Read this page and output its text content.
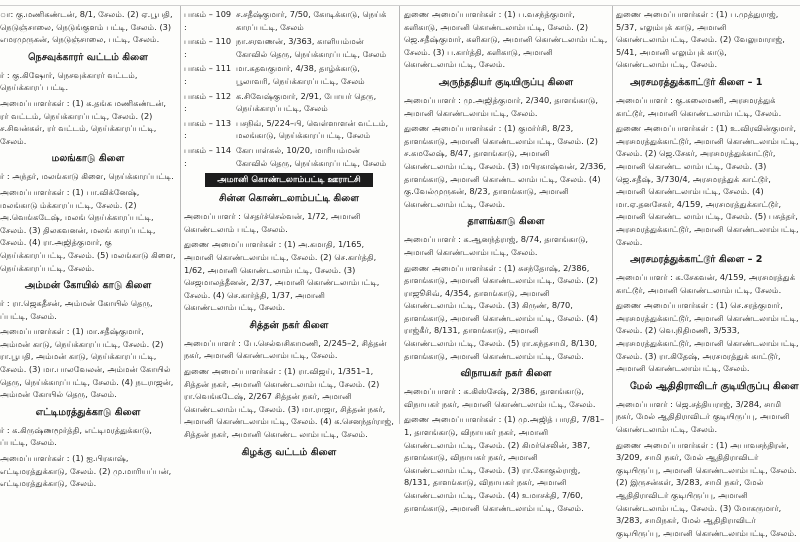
ா: கு.மணிகண்டன், 8/1, சேலம். (2) ஏ.பூபதி, நெடுஞ்சாலை, நெடுங்குளம் பட்டி, சேலம். (3) எமரமுருகன், நெடுஞ்சாலை, பட்டி, சேலம்.
நெசவுக்காரர் வட்டம் கிளை
ர் : கு.கிஷோர், நெசவுக்காரர் வட்டம், நெய்க்காரப் பட்டி.
அமைப்பாளர்கள் : (1) க.தங்க மணிகண்டன், ரர் வட்டம், நெய்க்காரப்பட்டி, சேலம். (2) ச.சிவன்கள், ரர் வட்டம், நெய்க்காரப்பட்டி, சேலம்.
மலங்காடு கிளை
ர் : அந்தர், மலங்காடு கிளை, நெய்க்காரப்பட்டி.
அமைப்பாளர்கள் : (1) பா.விக்னேஷ், மலங்காடு ம்க்காரப்பட்டி, சேலம். (2) அ.வெங்கடேஷ், மலங் நெய்க்காரப்பட்டி, சேலம். (3) திலகவனன், மலங் காரப்பட்டி, சேலம். (4) ரா.அஜித்குமார், கு நெய்க்காரப்பட்டி, சேலம். (5) மலங்காடு கிளை, நெய்க்காரப்பட்டி, சேலம்.
அம்மன் கோயில் காடு கிளை
ர் : ரா.ஜெகதீசன், அம்மன் கோயில் தெரு, ப்பட்டி, சேலம்.
அமைப்பாளர்கள் : (1) மா.சதீஷ்குமார், அம்மன் காடு, நெய்க்காரப்பட்டி, சேலம். (2) ரா.பூபதி, அம்மன் காடு, நெய்க்காரப்பட்டி, சேலம். (3) மா.பாலவேலன், அம்மன் கோயில் தெரு, நெய்க்காரப்பட்டி, சேலம். (4) நடராஜன், அம்மன் கோயில் தெரு, சேலம்.
எட்டிமரத்துக்காடு கிளை
ர் : க.கிருஷ்ணமூர்த்தி, எட்டிமரத்துக்காடு, ப்பட்டி, சேலம்.
அமைப்பாளர்கள் : (1) ஐ.பிரகாஷ், எட்டிமரத்துக்காடு, சேலம். (2) மு.மாரியப்பன், எட்டிமரத்துக்காடு, சேலம்.
பாகம் – 109 :
ச.சதீஷ்குமார், 7/50, கோடிக்காடு, நெய்க் காரப்பட்டி, சேலம்
பாகம் – 110 :
நா.சரவணன், 3/363, காளியம்மன் கோவில் தெரு, நெய்க்காரப்பட்டி, சேலம்
பாகம் – 111 :
மா.கதவகுமார், 4/38, தாழ்க்காடு, பூலாவரி, நெய்க்காரப்பட்டி, சேலம்
பாகம் – 112 :
க.சிவேஷ்குமார், 2/91, போயர் தெரு, நெய்க்காரப்பட்டி, சேலம்
பாகம் – 113 :
பசநிவ், 5/224–பி, வெள்ளாளன் வட்டம், மலங்காடு, நெய்க்காரப்பட்டி, சேலம்
பாகம் – 114 :
கோபாள்கல், 10/20, மாரியம்மன் கோவில் தெரு, நெய்க்காரப்பட்டி, சேலம்
அமானி கொண்டலாம்பட்டி ஊராட்சி
சின்ன கொண்டலாம்பட்டி கிளை
அமைப்பாளர் : செதர்ச்செல்வன், 1/72, அமானி கொண்டலாம் பட்டி, சேலம்.
துணை அமைப்பாளர்கள் : (1) அ.கமாதி, 1/165, அமானி கொண்டலாம்பட்டி, சேலம். (2) செ.கார்த்தி, 1/62, அமானி கொண்டலாம்பட்டி, சேலம். (3) செஜமாலத்தீனன், 2/37, அமானி கொண்டலாம்பட்டி, சேலம். (4) செ.கார்த்தி, 1/37, அமானி கொண்டலாம்பட்டி, சேலம்.
சித்தன் நகர் கிளை
அமைப்பாளர் : பே.செல்வசிகாமணி, 2/245–2, சித்தன் நகர், அமானி கொண்டலாம்பட்டி, சேலம்.
துணை அமைப்பாளர்கள் : (1) ரா.விஜய், 1/351–1, சித்தன் நகர், அமானி கொண்டலாம்பட்டி, சேலம். (2) ரா.வெங்கடேஷ், 2/267 சித்தன் நகர், அமானி கொண்டலாம்பட்டி, சேலம். (3) மா.ராஜா, சித்தன் நகர், அமானி கொண்டலாம்பட்டி, சேலம். (4) க.செனந்தர்ராஜ், சித்தன் நகர், அமானி கொண்ட லாம்பட்டி, சேலம்.
கிழக்கு வட்டம் கிளை
துணை அமைப்பாளர்கள் : (1) ப.வசந்த்குமார், களிகாடு, அமானி கொண்டலாம்பட்டி, சேலம். (2) ஜெ.சதீஷ்குமார், களிகாடு, அமானி கொண்டலாம்பட்டி, சேலம். (3) ப.கார்த்தி, களிகாடு, அமானி கொண்டலாம்பட்டி, சேலம்.
அருந்ததியர் குடியிருப்பு கிளை
அமைப்பாளர் : மு.அஜித்குமார், 2/340, தாளங்காடு, அமானி கொண்டலாம்பட்டி, சேலம்.
துணை அமைப்பாளர்கள் : (1) குமர்ர்சி, 8/23, தாளங்காடு, அமானி கொண்டலாம்பட்டி, சேலம். (2) ச.கமலேஷ், 8/47, தாளங்காடு, அமானி கொண்டலாம்பட்டி, சேலம். (3) மபிரகாஷ்வன், 2/336, தாளங்காடு, அமானி கொண்ட லாம்பட்டி, சேலம். (4) கு.வேல்முருகன், 8/23, தாளங்காடு, அமானி கொண்டலாம்பட்டி, சேலம்.
தாளங்காடு கிளை
அமைப்பாளர் : க.ஆனந்த்ராஜ், 8/74, தாளங்காடு, அமானி கொண்டலாம்பட்டி, சேலம்.
துணை அமைப்பாளர்கள் : (1) சுசந்தோஷ், 2/386, தாளங்காடு, அமானி கொண்டலாம்பட்டி, சேலம். (2) ராஜூசிவ், 4/354, தாளங்காடு, அமானி கொண்டலாம்பட்டி, சேலம். (3) கிருண், 8/70, தாளங்காடு, அமானி கொண்டலாம்பட்டி, சேலம். (4) ராஜ்கீர், 8/131, தாளங்காடு, அமானி கொண்டலாம்பட்டி, சேலம். (5) ரா.கந்தசாமி, 8/130, தாளங்காடு, அமானி கொண்டலாம்பட்டி, சேலம்.
விநாயகர் நகர் கிளை
அமைப்பாளர் : க.கிஸ்சேஷ், 2/386, தாளங்காடு, விநாயகர் நகர், அமானி கொண்டலாம்பட்டி, சேலம்.
துணை அமைப்பாளர்கள் : (1) மு.அஜித் பாரதி, 7/81–1, தாளங்காடு, விநாயகர் நகர், அமானி கொண்டலாம்பட்டி, சேலம். (2) கிமர்செலின், 387, தாளங்காடு, விநாயகர் நகர், அமானி கொண்டலாம்பட்டி, சேலம். (3) ரா.கோகுல்ராஜ், 8/131, தாளங்காடு, விநாயகர் நகர், அமானி கொண்டலாம்பட்டி, சேலம். (4) உமாசக்தி, 7/60, தாளங்காடு, அமானி கொண்டலாம்பட்டி, சேலம்.
துணை அமைப்பாளர்கள் : (1) ப.முத்துராஜ், 5/37, எலும்புக் காடு, அமானி கொண்டலாம்பட்டி, சேலம். (2) வேலுமாராஜ், 5/41, அமானி எலும்புக் காடு, கொண்டலாம்பட்டி, சேலம்.
அரசமரத்துக்காட்டூர் கிளை – 1
அமைப்பாளர் : கு.கலைமணி, அரசமரத்துக் காட்டூர், அமானி கொண்டலாம்பட்டி, சேலம்.
துணை அமைப்பாளர்கள் : (1) உ.விரவின்குமார், அரசமரத்துக்காட்டூர், அமானி கொண்டலாம்பட்டி, சேலம். (2) ஜெ.சேகர், அரசமரத்துக்காட்டூர், அமானி கொண்ட லாம்பட்டி, சேலம். (3) ஜெ.சதீஷ், 3/730/4, அரசமரத்துக் காட்டூர், அமானி கொண்டலாம்பட்டி, சேலம். (4) மா.ஏ.தனசேகர், 4/159, அரசமரத்துக்காட்டூர், அமானி கொண்ட லாம்பட்டி, சேலம். (5) பசுத்தர், அரசமரத்துக்காட்டூர், அமானி கொண்டலாம்பட்டி, சேலம்.
அரசமரத்துக்காட்டூர் கிளை – 2
அமைப்பாளர் : க.சேகவன், 4/159, அரசமரத்துக் காட்டூர், அமானி கொண்டலாம்பட்டி, சேலம்.
துணை அமைப்பாளர்கள் : (1) செ.சரத்குமார், அரசமரத்துக்காட்டூர், அமானி கொண்டலாம்பட்டி, சேலம். (2) வெ.நிதிமணி, 3/533, அரசமரத்துக்காட்டூர், அமானி கொண்டலாம்பட்டி, சேலம். (3) ரா.கிதேஷ், அரசமரத்துக் காட்டூர், அமானி கொண்டலாம்பட்டி, சேலம்.
மேல் ஆதிதிராவிடர் குடியிருப்பு கிளை
அமைப்பாளர் : ஜெ.சத்தியராஜ், 3/284, சாமி நகர், மேல் ஆதிதிராவிடர் குடியிருப்பு, அமானி கொண்டலாம்பட்டி, சேலம்.
துணை அமைப்பாளர்கள் : (1) அபாவசந்திரன், 3/209, சாமி நகர், மேல் ஆதிதிராவிடர் குடியிருப்பு, அமானி கொண்டலாம்பட்டி, சேலம். (2) இருசன்கள், 3/283, சாமி நகர், மேல் ஆதிதிராவிடர் குடியிருப்பு, அமானி கொண்டலாம்பட்டி, சேலம். (3) மோகருமார், 3/283, சாமிநகர், மேல் ஆதிதிராவிடர் குடியிருப்பு, அமானி கொண்டலாம்பட்டி, சேலம்.
